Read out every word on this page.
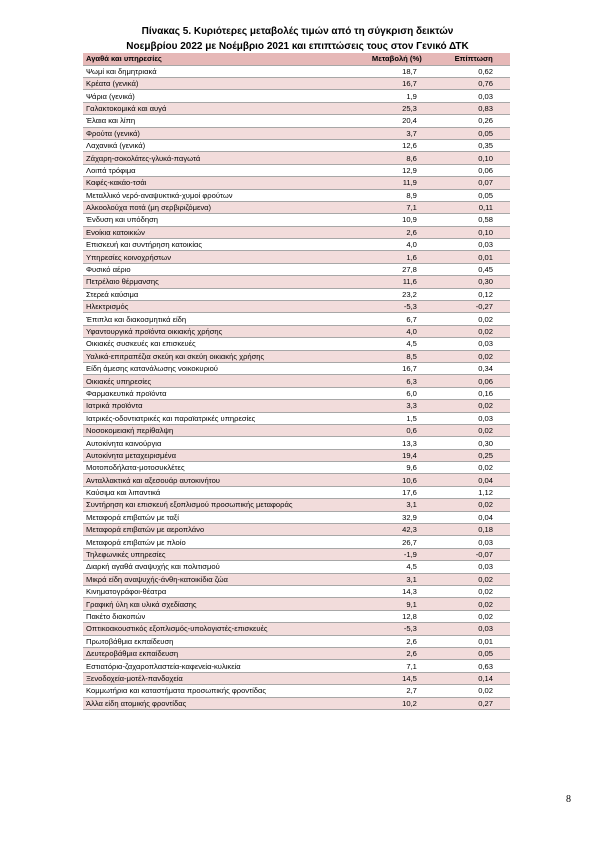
Πίνακας 5. Κυριότερες μεταβολές τιμών από τη σύγκριση δεικτών
Νοεμβρίου 2022 με Νοέμβριο 2021 και επιπτώσεις τους στον Γενικό ΔΤΚ
Αγαθά και υπηρεσίες	Μεταβολή (%)	Επίπτωση
Ψωμί και δημητριακά	18,7	0,62
Κρέατα (γενικά)	16,7	0,76
Ψάρια (γενικά)	1,9	0,03
Γαλακτοκομικά και αυγά	25,3	0,83
Έλαια και λίπη	20,4	0,26
Φρούτα (γενικά)	3,7	0,05
Λαχανικά (γενικά)	12,6	0,35
Ζάχαρη-σοκολάτες-γλυκά-παγωτά	8,6	0,10
Λοιπά τρόφιμα	12,9	0,06
Καφές-κακάο-τσάι	11,9	0,07
Μεταλλικό νερό-αναψυκτικά-χυμοί φρούτων	8,9	0,05
Αλκοολούχα ποτά (μη σερβιριζόμενα)	7,1	0,11
Ένδυση και υπόδηση	10,9	0,58
Ενοίκια κατοικιών	2,6	0,10
Επισκευή και συντήρηση κατοικίας	4,0	0,03
Υπηρεσίες κοινοχρήστων	1,6	0,01
Φυσικό αέριο	27,8	0,45
Πετρέλαιο θέρμανσης	11,6	0,30
Στερεά καύσιμα	23,2	0,12
Ηλεκτρισμός	-5,3	-0,27
Έπιπλα και διακοσμητικά είδη	6,7	0,02
Υφαντουργικά προϊόντα οικιακής χρήσης	4,0	0,02
Οικιακές συσκευές και επισκευές	4,5	0,03
Υαλικά-επιτραπέζια σκεύη και σκεύη οικιακής χρήσης	8,5	0,02
Είδη άμεσης κατανάλωσης νοικοκυριού	16,7	0,34
Οικιακές υπηρεσίες	6,3	0,06
Φαρμακευτικά προϊόντα	6,0	0,16
Ιατρικά προϊόντα	3,3	0,02
Ιατρικές-οδοντιατρικές και παραϊατρικές υπηρεσίες	1,5	0,03
Νοσοκομειακή περίθαλψη	0,6	0,02
Αυτοκίνητα καινούργια	13,3	0,30
Αυτοκίνητα μεταχειρισμένα	19,4	0,25
Μοτοποδήλατα-μοτοσυκλέτες	9,6	0,02
Ανταλλακτικά και αξεσουάρ αυτοκινήτου	10,6	0,04
Καύσιμα και λιπαντικά	17,6	1,12
Συντήρηση και επισκευή εξοπλισμού προσωπικής μεταφοράς	3,1	0,02
Μεταφορά επιβατών με ταξί	32,9	0,04
Μεταφορά επιβατών με αεροπλάνο	42,3	0,18
Μεταφορά επιβατών με πλοίο	26,7	0,03
Τηλεφωνικές υπηρεσίες	-1,9	-0,07
Διαρκή αγαθά αναψυχής και πολιτισμού	4,5	0,03
Μικρά είδη αναψυχής-άνθη-κατοικίδια ζώα	3,1	0,02
Κινηματογράφοι-θέατρα	14,3	0,02
Γραφική ύλη και υλικά σχεδίασης	9,1	0,02
Πακέτο διακοπών	12,8	0,02
Οπτικοακουστικός εξοπλισμός-υπολογιστές-επισκευές	-5,3	0,03
Πρωτοβάθμια εκπαίδευση	2,6	0,01
Δευτεροβάθμια εκπαίδευση	2,6	0,05
Εστιατόρια-ζαχαροπλαστεία-καφενεία-κυλικεία	7,1	0,63
Ξενοδοχεία-μοτέλ-πανδοχεία	14,5	0,14
Κομμωτήρια και καταστήματα προσωπικής φροντίδας	2,7	0,02
Άλλα είδη ατομικής φροντίδας	10,2	0,27
8
